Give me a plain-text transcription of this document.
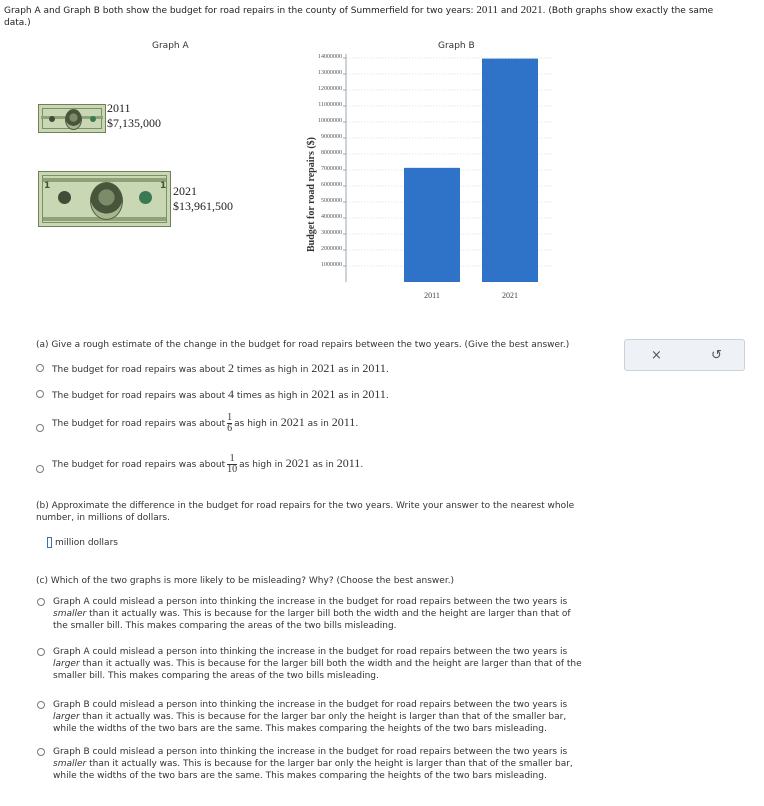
Graph A and Graph B both show the budget for road repairs in the county of Summerfield for two years: 2011 and 2021. (Both graphs show exactly the same
data.)
Graph A
2011
$7,135,000
1	1 2021
$13,961,500
Graph B
Budget for road repairs ($)
1000000
2000000
3000000
4000000
5000000
6000000
7000000
8000000
9000000
10000000
11000000
12000000
13000000
14000000
2011	2021
(a) Give a rough estimate of the change in the budget for road repairs between the two years. (Give the best answer.)
The budget for road repairs was about 2 times as high in 2021 as in 2011.
The budget for road repairs was about 4 times as high in 2021 as in 2011.
The budget for road repairs was about $\frac{1}{6}$ as high in 2021 as in 2011.
The budget for road repairs was about $\frac{1}{10}$ as high in 2021 as in 2011.
×	↺
(b) Approximate the difference in the budget for road repairs for the two years. Write your answer to the nearest whole
number, in millions of dollars.
million dollars
(c) Which of the two graphs is more likely to be misleading? Why? (Choose the best answer.)
Graph A could mislead a person into thinking the increase in the budget for road repairs between the two years is
smaller than it actually was. This is because for the larger bill both the width and the height are larger than that of
the smaller bill. This makes comparing the areas of the two bills misleading.
Graph A could mislead a person into thinking the increase in the budget for road repairs between the two years is
larger than it actually was. This is because for the larger bill both the width and the height are larger than that of the
smaller bill. This makes comparing the areas of the two bills misleading.
Graph B could mislead a person into thinking the increase in the budget for road repairs between the two years is
larger than it actually was. This is because for the larger bar only the height is larger than that of the smaller bar,
while the widths of the two bars are the same. This makes comparing the heights of the two bars misleading.
Graph B could mislead a person into thinking the increase in the budget for road repairs between the two years is
smaller than it actually was. This is because for the larger bar only the height is larger than that of the smaller bar,
while the widths of the two bars are the same. This makes comparing the heights of the two bars misleading.
